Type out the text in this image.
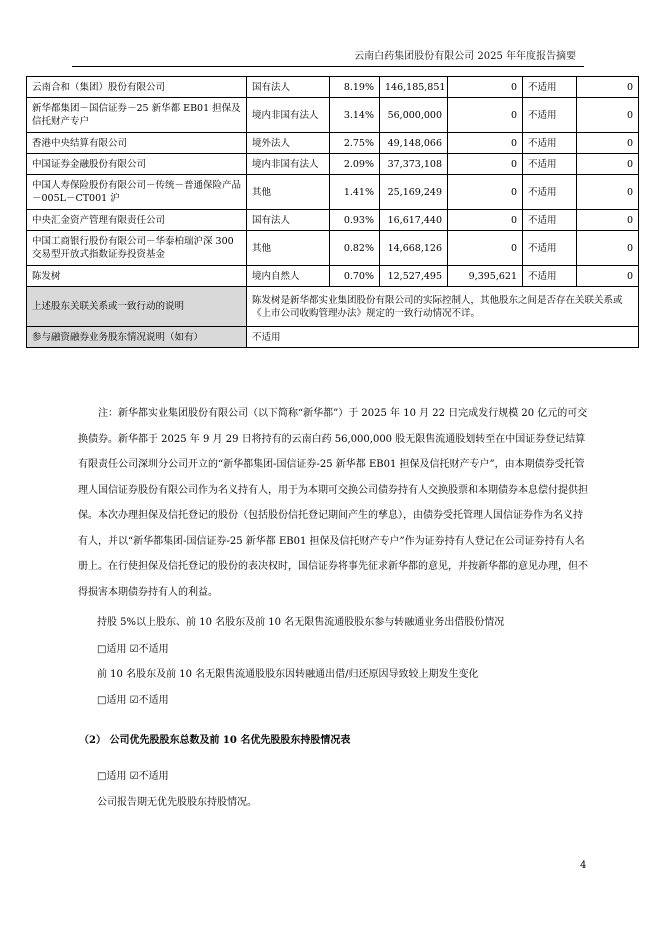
云南白药集团股份有限公司 2025 年年度报告摘要
云南合和（集团）股份有限公司	国有法人	8.19%	146,185,851	0	不适用	0
新华都集团－国信证券－25 新华都 EB01 担保及信托财产专户	境内非国有法人	3.14%	56,000,000	0	不适用	0
香港中央结算有限公司	境外法人	2.75%	49,148,066	0	不适用	0
中国证券金融股份有限公司	境内非国有法人	2.09%	37,373,108	0	不适用	0
中国人寿保险股份有限公司－传统－普通保险产品－005L－CT001 沪	其他	1.41%	25,169,249	0	不适用	0
中央汇金资产管理有限责任公司	国有法人	0.93%	16,617,440	0	不适用	0
中国工商银行股份有限公司－华泰柏瑞沪深 300 交易型开放式指数证券投资基金	其他	0.82%	14,668,126	0	不适用	0
陈发树	境内自然人	0.70%	12,527,495	9,395,621	不适用	0
上述股东关联关系或一致行动的说明	陈发树是新华都实业集团股份有限公司的实际控制人，其他股东之间是否存在关联关系或《上市公司收购管理办法》规定的一致行动情况不详。					
参与融资融券业务股东情况说明（如有）	不适用					
注：新华都实业集团股份有限公司（以下简称“新华都”）于 2025 年 10 月 22 日完成发行规模 20 亿元的可交换债券。新华都于 2025 年 9 月 29 日将持有的云南白药 56,000,000 股无限售流通股划转至在中国证券登记结算有限责任公司深圳分公司开立的“新华都集团-国信证券-25 新华都 EB01 担保及信托财产专户”，由本期债券受托管理人国信证券股份有限公司作为名义持有人，用于为本期可交换公司债券持有人交换股票和本期债券本息偿付提供担保。本次办理担保及信托登记的股份（包括股份信托登记期间产生的孳息），由债券受托管理人国信证券作为名义持有人，并以“新华都集团-国信证券-25 新华都 EB01 担保及信托财产专户”作为证券持有人登记在公司证券持有人名册上。在行使担保及信托登记的股份的表决权时，国信证券将事先征求新华都的意见，并按新华都的意见办理，但不得损害本期债券持有人的利益。
持股 5%以上股东、前 10 名股东及前 10 名无限售流通股股东参与转融通业务出借股份情况
□适用 ☑不适用
前 10 名股东及前 10 名无限售流通股股东因转融通出借/归还原因导致较上期发生变化
□适用 ☑不适用
（2） 公司优先股股东总数及前 10 名优先股股东持股情况表
□适用 ☑不适用
公司报告期无优先股股东持股情况。
4
